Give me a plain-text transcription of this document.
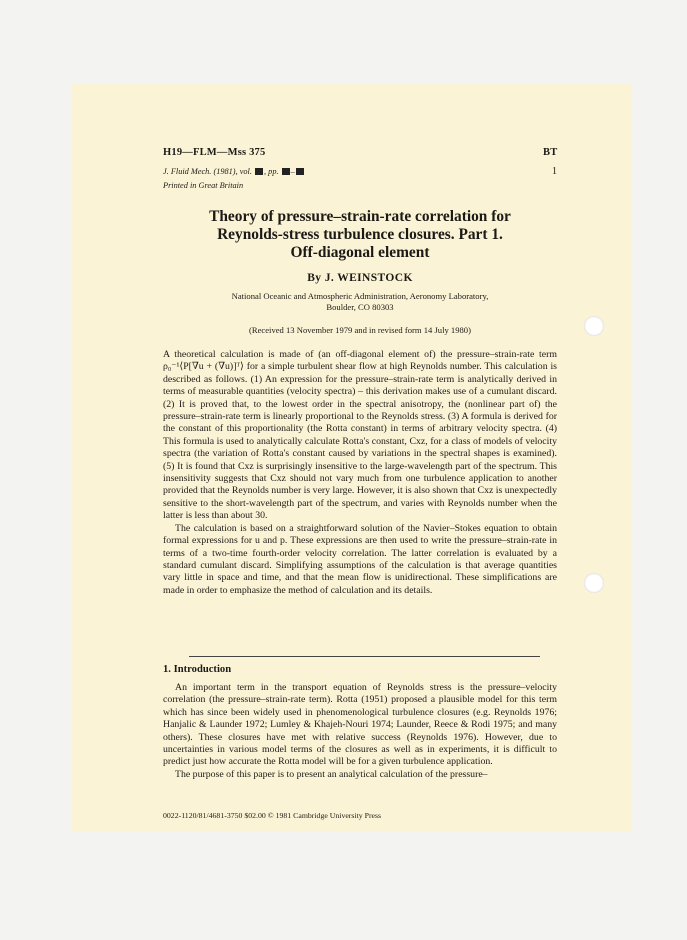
H19—FLM—Mss 375	BT
J. Fluid Mech. (1981), vol. , pp. –	1
Printed in Great Britain
Theory of pressure–strain-rate correlation for
Reynolds-stress turbulence closures. Part 1.
Off-diagonal element
By J. WEINSTOCK
National Oceanic and Atmospheric Administration, Aeronomy Laboratory,
Boulder, CO 80303
(Received 13 November 1979 and in revised form 14 July 1980)

A theoretical calculation is made of (an off-diagonal element of) the pressure–strain-rate term ρ₀⁻¹⟨P[∇u + (∇u)]ᵀ⟩ for a simple turbulent shear flow at high Reynolds number. This calculation is described as follows. (1) An expression for the pressure–strain-rate term is analytically derived in terms of measurable quantities (velocity spectra) – this derivation makes use of a cumulant discard. (2) It is proved that, to the lowest order in the spectral anisotropy, the (nonlinear part of) the pressure–strain-rate term is linearly proportional to the Reynolds stress. (3) A formula is derived for the constant of this proportionality (the Rotta constant) in terms of arbitrary velocity spectra. (4) This formula is used to analytically calculate Rotta's constant, Cxz, for a class of models of velocity spectra (the variation of Rotta's constant caused by variations in the spectral shapes is examined). (5) It is found that Cxz is surprisingly insensitive to the large-wavelength part of the spectrum. This insensitivity suggests that Cxz should not vary much from one turbulence application to another provided that the Reynolds number is very large. However, it is also shown that Cxz is unexpectedly sensitive to the short-wavelength part of the spectrum, and varies with Reynolds number when the latter is less than about 30.

The calculation is based on a straightforward solution of the Navier–Stokes equation to obtain formal expressions for u and p. These expressions are then used to write the pressure–strain-rate in terms of a two-time fourth-order velocity correlation. The latter correlation is evaluated by a standard cumulant discard. Simplifying assumptions of the calculation is that average quantities vary little in space and time, and that the mean flow is unidirectional. These simplifications are made in order to emphasize the method of calculation and its details.

1. Introduction

An important term in the transport equation of Reynolds stress is the pressure–velocity correlation (the pressure–strain-rate term). Rotta (1951) proposed a plausible model for this term which has since been widely used in phenomenological turbulence closures (e.g. Reynolds 1976; Hanjalic & Launder 1972; Lumley & Khajeh-Nouri 1974; Launder, Reece & Rodi 1975; and many others). These closures have met with relative success (Reynolds 1976). However, due to uncertainties in various model terms of the closures as well as in experiments, it is difficult to predict just how accurate the Rotta model will be for a given turbulence application.

The purpose of this paper is to present an analytical calculation of the pressure–

0022-1120/81/4681-3750 $02.00 © 1981 Cambridge University Press
